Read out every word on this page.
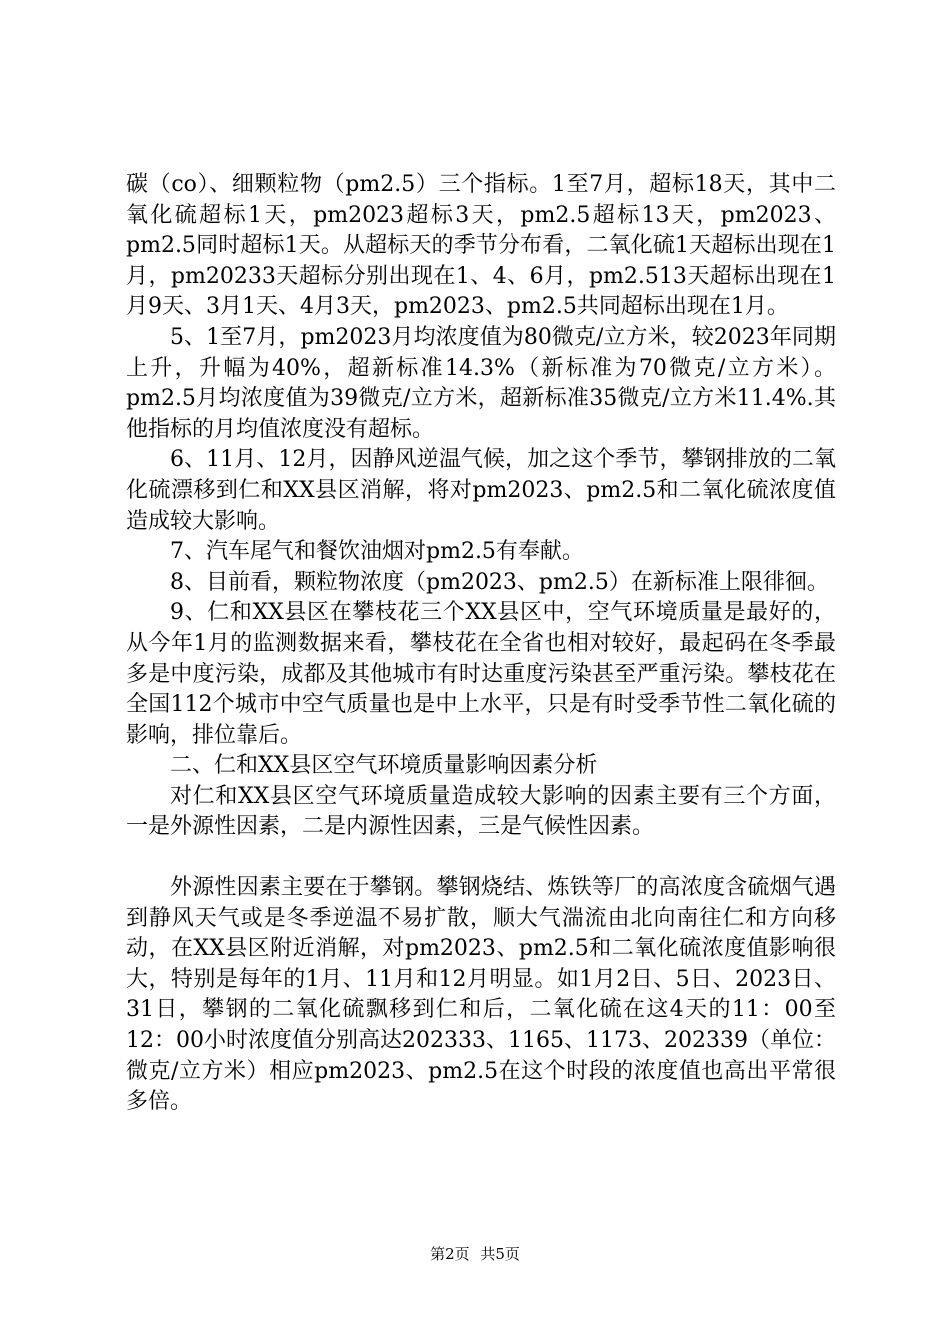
碳（co）、细颗粒物（pm2.5）三个指标。1至7月，超标18天，其中二氧化硫超标1天，pm2023超标3天，pm2.5超标13天，pm2023、pm2.5同时超标1天。从超标天的季节分布看，二氧化硫1天超标出现在1月，pm20233天超标分别出现在1、4、6月，pm2.513天超标出现在1月9天、3月1天、4月3天，pm2023、pm2.5共同超标出现在1月。

5、1至7月，pm2023月均浓度值为80微克/立方米，较2023年同期上升，升幅为40%，超新标准14.3%（新标准为70微克/立方米）。pm2.5月均浓度值为39微克/立方米，超新标准35微克/立方米11.4%.其他指标的月均值浓度没有超标。

6、11月、12月，因静风逆温气候，加之这个季节，攀钢排放的二氧化硫漂移到仁和XX县区消解，将对pm2023、pm2.5和二氧化硫浓度值造成较大影响。

7、汽车尾气和餐饮油烟对pm2.5有奉献。

8、目前看，颗粒物浓度（pm2023、pm2.5）在新标准上限徘徊。

9、仁和XX县区在攀枝花三个XX县区中，空气环境质量是最好的，从今年1月的监测数据来看，攀枝花在全省也相对较好，最起码在冬季最多是中度污染，成都及其他城市有时达重度污染甚至严重污染。攀枝花在全国112个城市中空气质量也是中上水平，只是有时受季节性二氧化硫的影响，排位靠后。

二、仁和XX县区空气环境质量影响因素分析

对仁和XX县区空气环境质量造成较大影响的因素主要有三个方面，一是外源性因素，二是内源性因素，三是气候性因素。

外源性因素主要在于攀钢。攀钢烧结、炼铁等厂的高浓度含硫烟气遇到静风天气或是冬季逆温不易扩散，顺大气湍流由北向南往仁和方向移动，在XX县区附近消解，对pm2023、pm2.5和二氧化硫浓度值影响很大，特别是每年的1月、11月和12月明显。如1月2日、5日、2023日、31日，攀钢的二氧化硫飘移到仁和后，二氧化硫在这4天的11：00至12：00小时浓度值分别高达202333、1165、1173、202339（单位：微克/立方米）相应pm2023、pm2.5在这个时段的浓度值也高出平常很多倍。

第2页 共5页
